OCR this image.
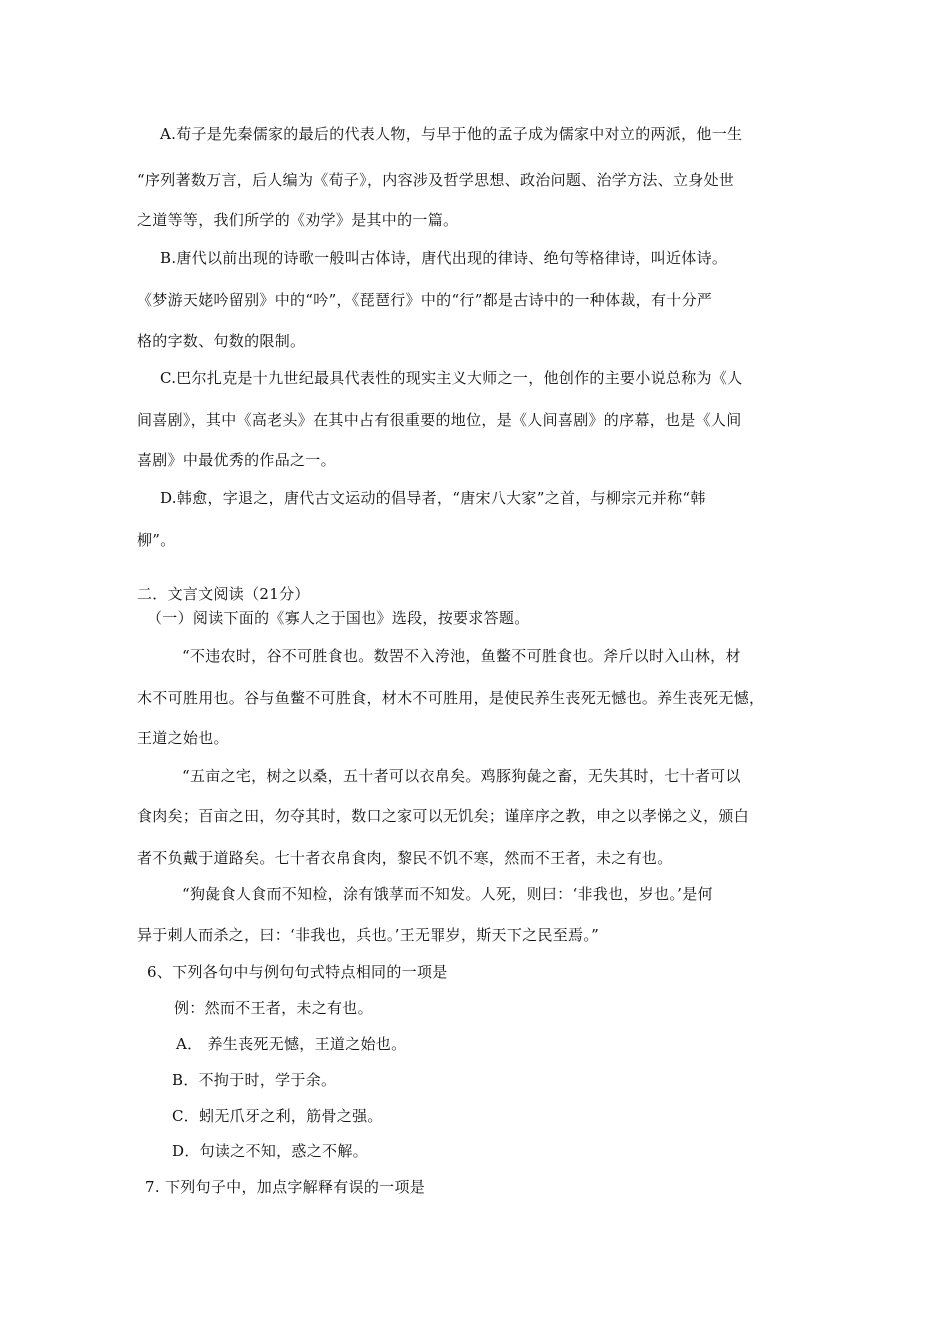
A.荀子是先秦儒家的最后的代表人物，与早于他的孟子成为儒家中对立的两派，他一生
“序列著数万言，后人编为《荀子》，内容涉及哲学思想、政治问题、治学方法、立身处世
之道等等，我们所学的《劝学》是其中的一篇。
B.唐代以前出现的诗歌一般叫古体诗，唐代出现的律诗、绝句等格律诗，叫近体诗。
《梦游天姥吟留别》中的“吟”，《琵琶行》中的“行”都是古诗中的一种体裁，有十分严
格的字数、句数的限制。
C.巴尔扎克是十九世纪最具代表性的现实主义大师之一，他创作的主要小说总称为《人
间喜剧》，其中《高老头》在其中占有很重要的地位，是《人间喜剧》的序幕，也是《人间
喜剧》中最优秀的作品之一。
D.韩愈，字退之，唐代古文运动的倡导者，“唐宋八大家”之首，与柳宗元并称“韩
柳”。
二．文言文阅读（21分）
（一）阅读下面的《寡人之于国也》选段，按要求答题。
“不违农时，谷不可胜食也。数罟不入洿池，鱼鳖不可胜食也。斧斤以时入山林，材
木不可胜用也。谷与鱼鳖不可胜食，材木不可胜用，是使民养生丧死无憾也。养生丧死无憾，
王道之始也。
“五亩之宅，树之以桑，五十者可以衣帛矣。鸡豚狗彘之畜，无失其时，七十者可以
食肉矣；百亩之田，勿夺其时，数口之家可以无饥矣；谨庠序之教，申之以孝悌之义，颁白
者不负戴于道路矣。七十者衣帛食肉，黎民不饥不寒，然而不王者，未之有也。
“狗彘食人食而不知检，涂有饿莩而不知发。人死，则曰：‘非我也，岁也。’是何
异于刺人而杀之，曰：‘非我也，兵也。’王无罪岁，斯天下之民至焉。”
6、下列各句中与例句句式特点相同的一项是
例：然而不王者，未之有也。
A． 养生丧死无憾，王道之始也。
B．不拘于时，学于余。
C．蚓无爪牙之利，筋骨之强。
D．句读之不知，惑之不解。
7. 下列句子中，加点字解释有误的一项是
